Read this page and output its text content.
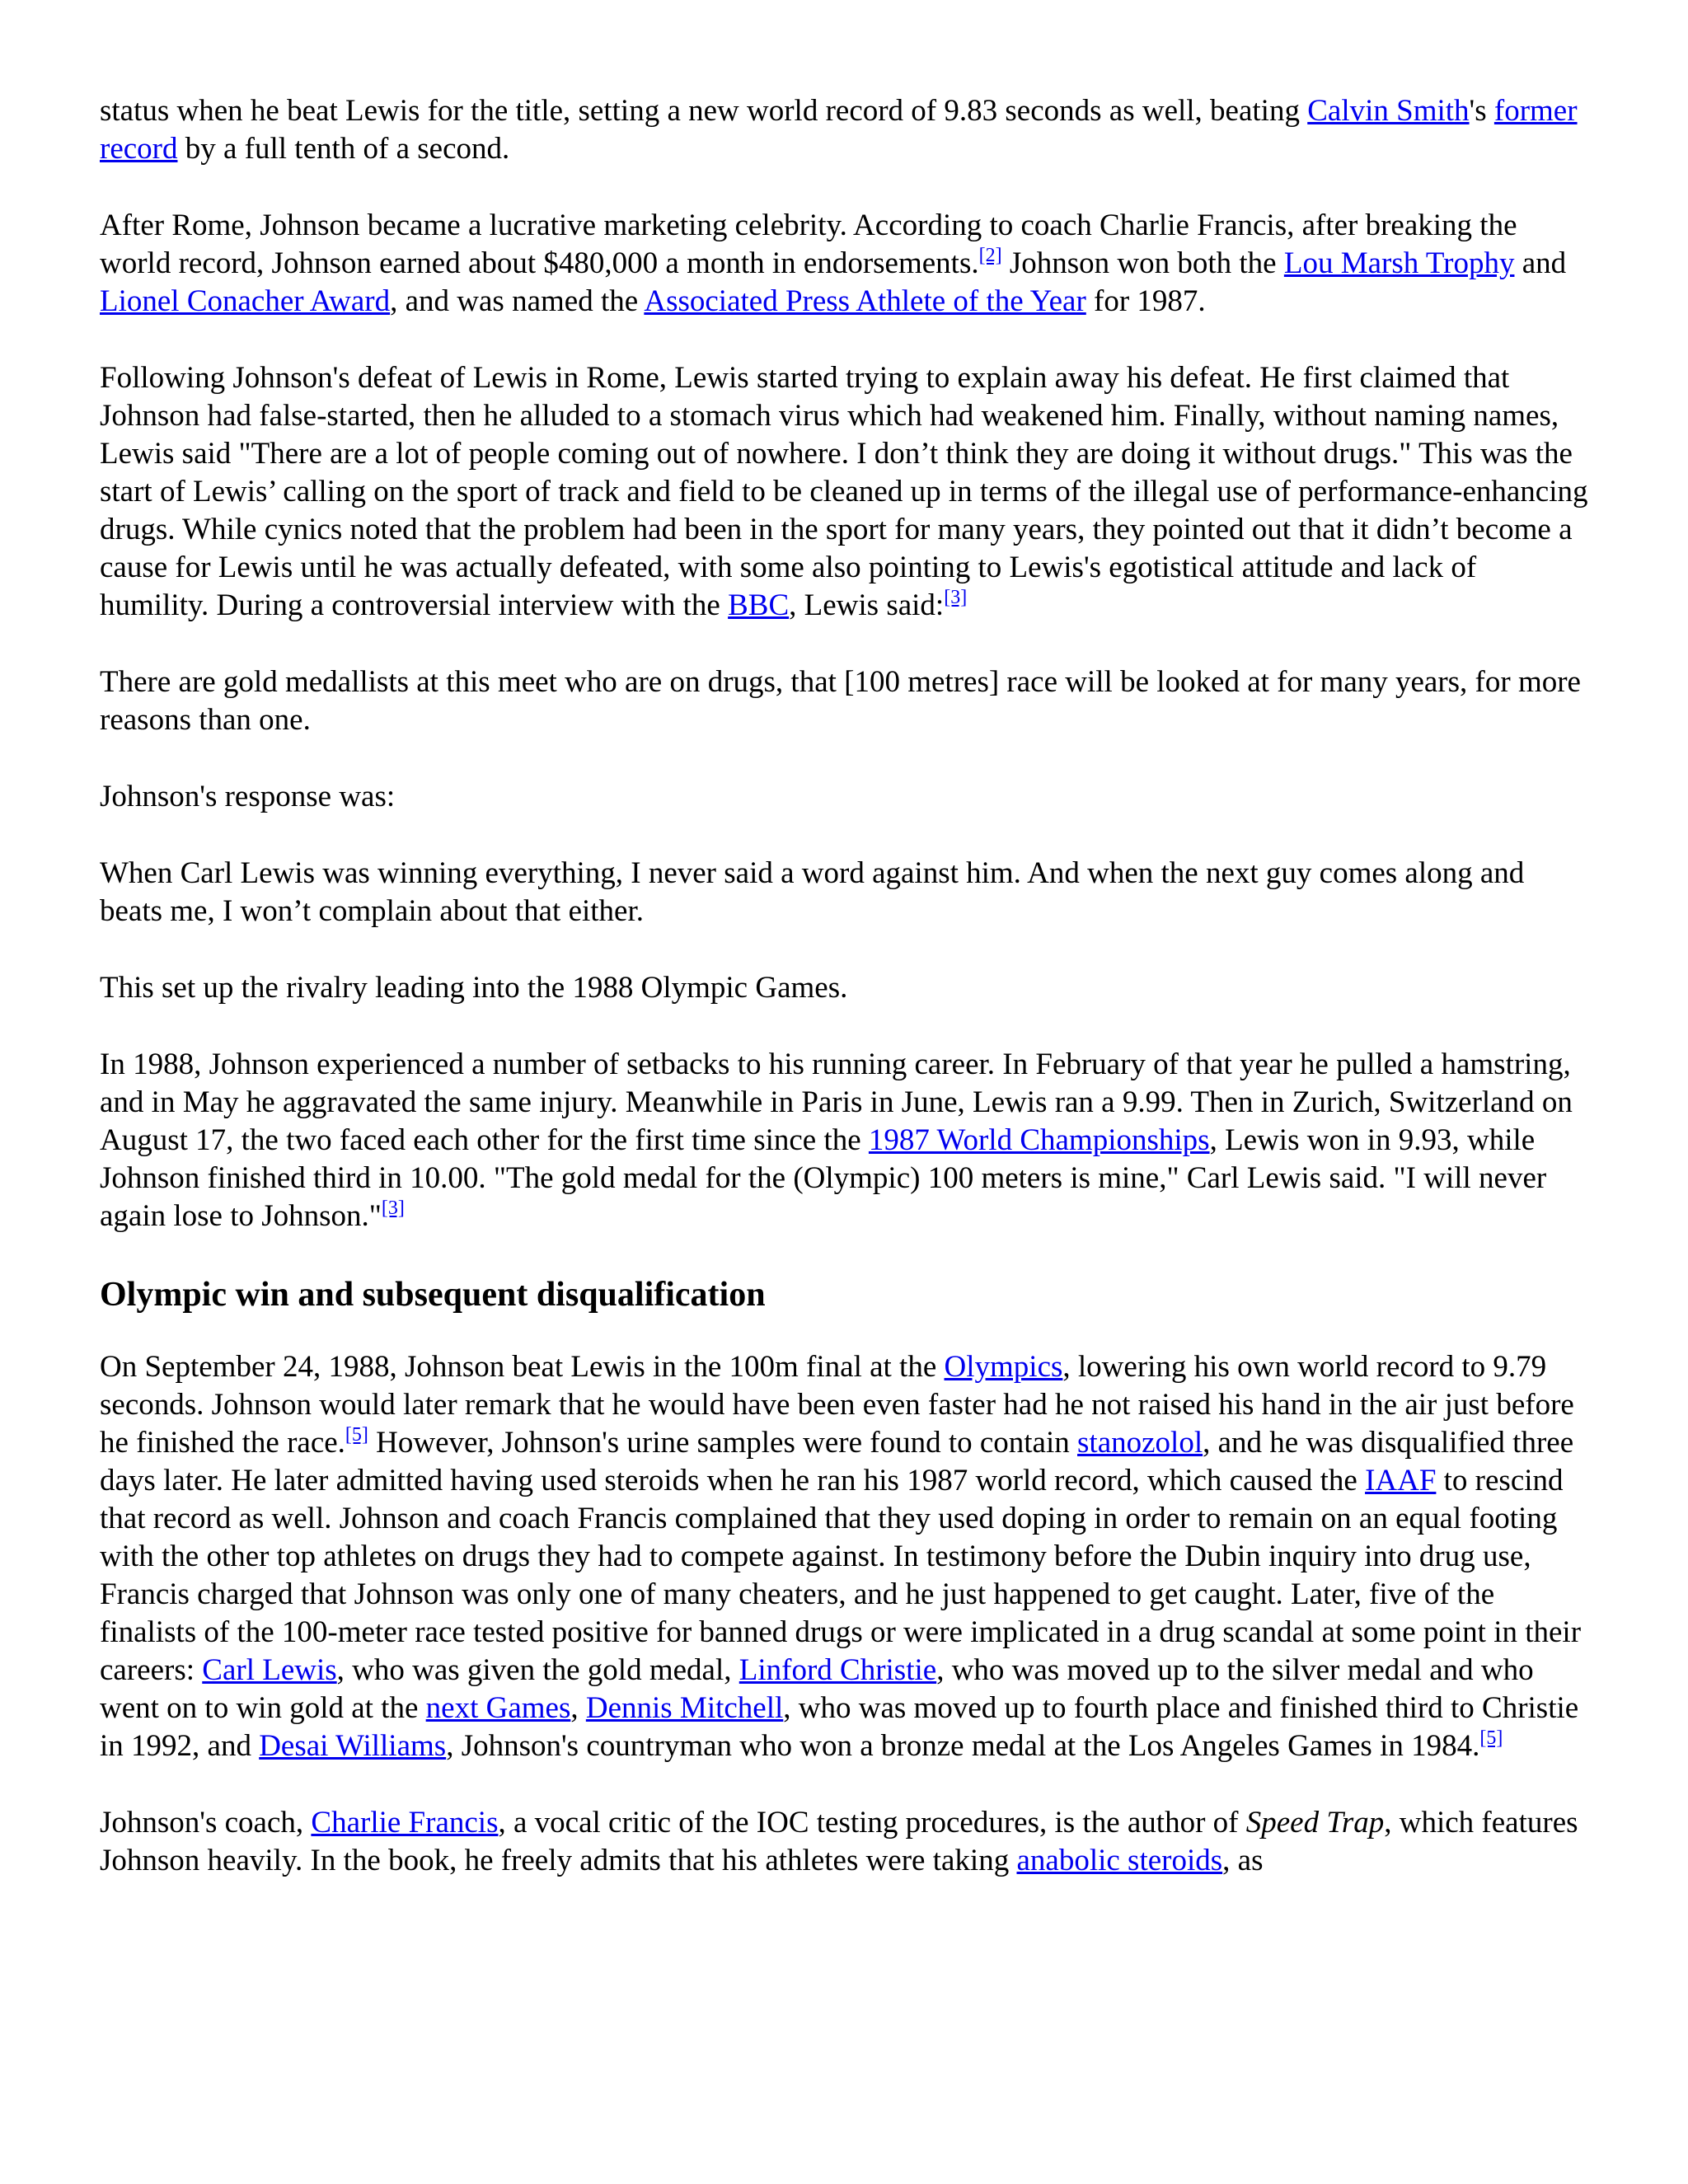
status when he beat Lewis for the title, setting a new world record of 9.83 seconds as well, beating Calvin Smith's former record by a full tenth of a second.

After Rome, Johnson became a lucrative marketing celebrity. According to coach Charlie Francis, after breaking the world record, Johnson earned about $480,000 a month in endorsements.[2] Johnson won both the Lou Marsh Trophy and Lionel Conacher Award, and was named the Associated Press Athlete of the Year for 1987.

Following Johnson's defeat of Lewis in Rome, Lewis started trying to explain away his defeat. He first claimed that Johnson had false-started, then he alluded to a stomach virus which had weakened him. Finally, without naming names, Lewis said "There are a lot of people coming out of nowhere. I don’t think they are doing it without drugs." This was the start of Lewis’ calling on the sport of track and field to be cleaned up in terms of the illegal use of performance-enhancing drugs. While cynics noted that the problem had been in the sport for many years, they pointed out that it didn’t become a cause for Lewis until he was actually defeated, with some also pointing to Lewis's egotistical attitude and lack of humility. During a controversial interview with the BBC, Lewis said:[3]

There are gold medallists at this meet who are on drugs, that [100 metres] race will be looked at for many years, for more reasons than one.

Johnson's response was:

When Carl Lewis was winning everything, I never said a word against him. And when the next guy comes along and beats me, I won’t complain about that either.

This set up the rivalry leading into the 1988 Olympic Games.

In 1988, Johnson experienced a number of setbacks to his running career. In February of that year he pulled a hamstring, and in May he aggravated the same injury. Meanwhile in Paris in June, Lewis ran a 9.99. Then in Zurich, Switzerland on August 17, the two faced each other for the first time since the 1987 World Championships, Lewis won in 9.93, while Johnson finished third in 10.00. "The gold medal for the (Olympic) 100 meters is mine," Carl Lewis said. "I will never again lose to Johnson."[3]

Olympic win and subsequent disqualification

On September 24, 1988, Johnson beat Lewis in the 100m final at the Olympics, lowering his own world record to 9.79 seconds. Johnson would later remark that he would have been even faster had he not raised his hand in the air just before he finished the race.[5] However, Johnson's urine samples were found to contain stanozolol, and he was disqualified three days later. He later admitted having used steroids when he ran his 1987 world record, which caused the IAAF to rescind that record as well. Johnson and coach Francis complained that they used doping in order to remain on an equal footing with the other top athletes on drugs they had to compete against. In testimony before the Dubin inquiry into drug use, Francis charged that Johnson was only one of many cheaters, and he just happened to get caught. Later, five of the finalists of the 100-meter race tested positive for banned drugs or were implicated in a drug scandal at some point in their careers: Carl Lewis, who was given the gold medal, Linford Christie, who was moved up to the silver medal and who went on to win gold at the next Games, Dennis Mitchell, who was moved up to fourth place and finished third to Christie in 1992, and Desai Williams, Johnson's countryman who won a bronze medal at the Los Angeles Games in 1984.[5]

Johnson's coach, Charlie Francis, a vocal critic of the IOC testing procedures, is the author of Speed Trap, which features Johnson heavily. In the book, he freely admits that his athletes were taking anabolic steroids, as
